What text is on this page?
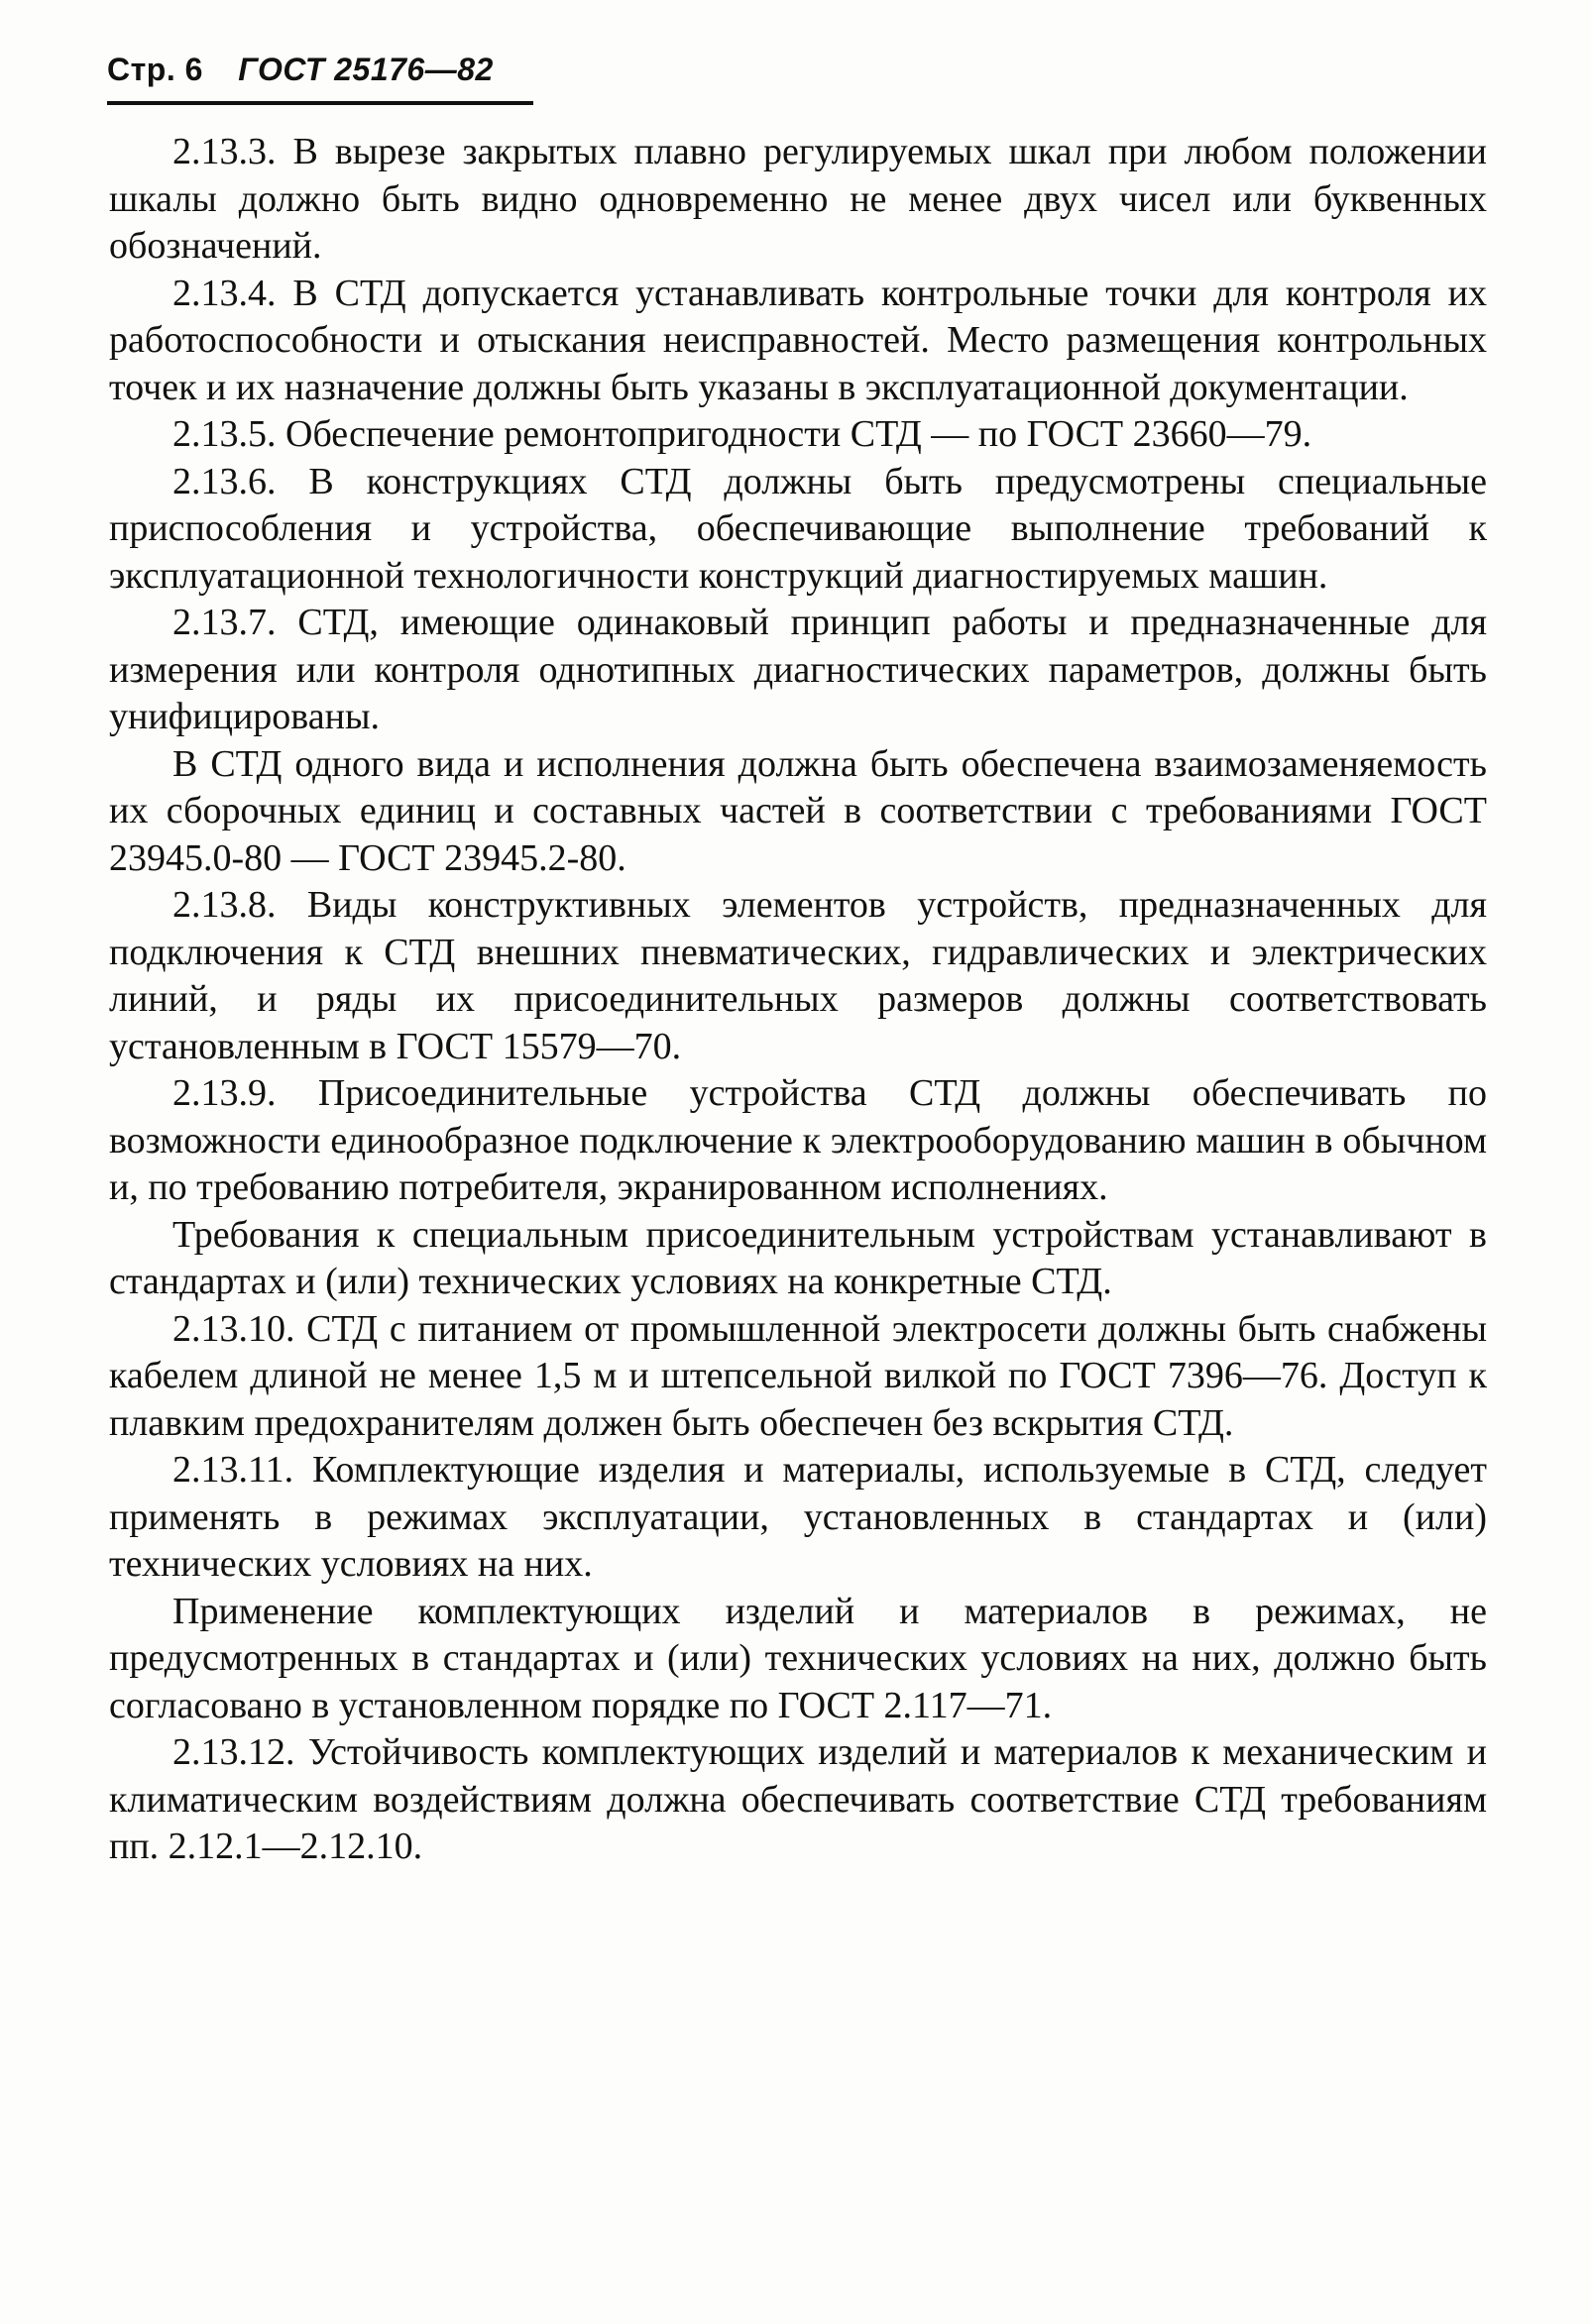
Стр. 6 ГОСТ 25176—82

2.13.3. В вырезе закрытых плавно регулируемых шкал при любом положении шкалы должно быть видно одновременно не менее двух чисел или буквенных обозначений.

2.13.4. В СТД допускается устанавливать контрольные точки для контроля их работоспособности и отыскания неисправностей. Место размещения контрольных точек и их назначение должны быть указаны в эксплуатационной документации.

2.13.5. Обеспечение ремонтопригодности СТД — по ГОСТ 23660—79.

2.13.6. В конструкциях СТД должны быть предусмотрены специальные приспособления и устройства, обеспечивающие выполнение требований к эксплуатационной технологичности конструкций диагностируемых машин.

2.13.7. СТД, имеющие одинаковый принцип работы и предназначенные для измерения или контроля однотипных диагностических параметров, должны быть унифицированы.

В СТД одного вида и исполнения должна быть обеспечена взаимозаменяемость их сборочных единиц и составных частей в соответствии с требованиями ГОСТ 23945.0-80 — ГОСТ 23945.2-80.

2.13.8. Виды конструктивных элементов устройств, предназначенных для подключения к СТД внешних пневматических, гидравлических и электрических линий, и ряды их присоединительных размеров должны соответствовать установленным в ГОСТ 15579—70.

2.13.9. Присоединительные устройства СТД должны обеспечивать по возможности единообразное подключение к электрооборудованию машин в обычном и, по требованию потребителя, экранированном исполнениях.

Требования к специальным присоединительным устройствам устанавливают в стандартах и (или) технических условиях на конкретные СТД.

2.13.10. СТД с питанием от промышленной электросети должны быть снабжены кабелем длиной не менее 1,5 м и штепсельной вилкой по ГОСТ 7396—76. Доступ к плавким предохранителям должен быть обеспечен без вскрытия СТД.

2.13.11. Комплектующие изделия и материалы, используемые в СТД, следует применять в режимах эксплуатации, установленных в стандартах и (или) технических условиях на них.

Применение комплектующих изделий и материалов в режимах, не предусмотренных в стандартах и (или) технических условиях на них, должно быть согласовано в установленном порядке по ГОСТ 2.117—71.

2.13.12. Устойчивость комплектующих изделий и материалов к механическим и климатическим воздействиям должна обеспечивать соответствие СТД требованиям пп. 2.12.1—2.12.10.
